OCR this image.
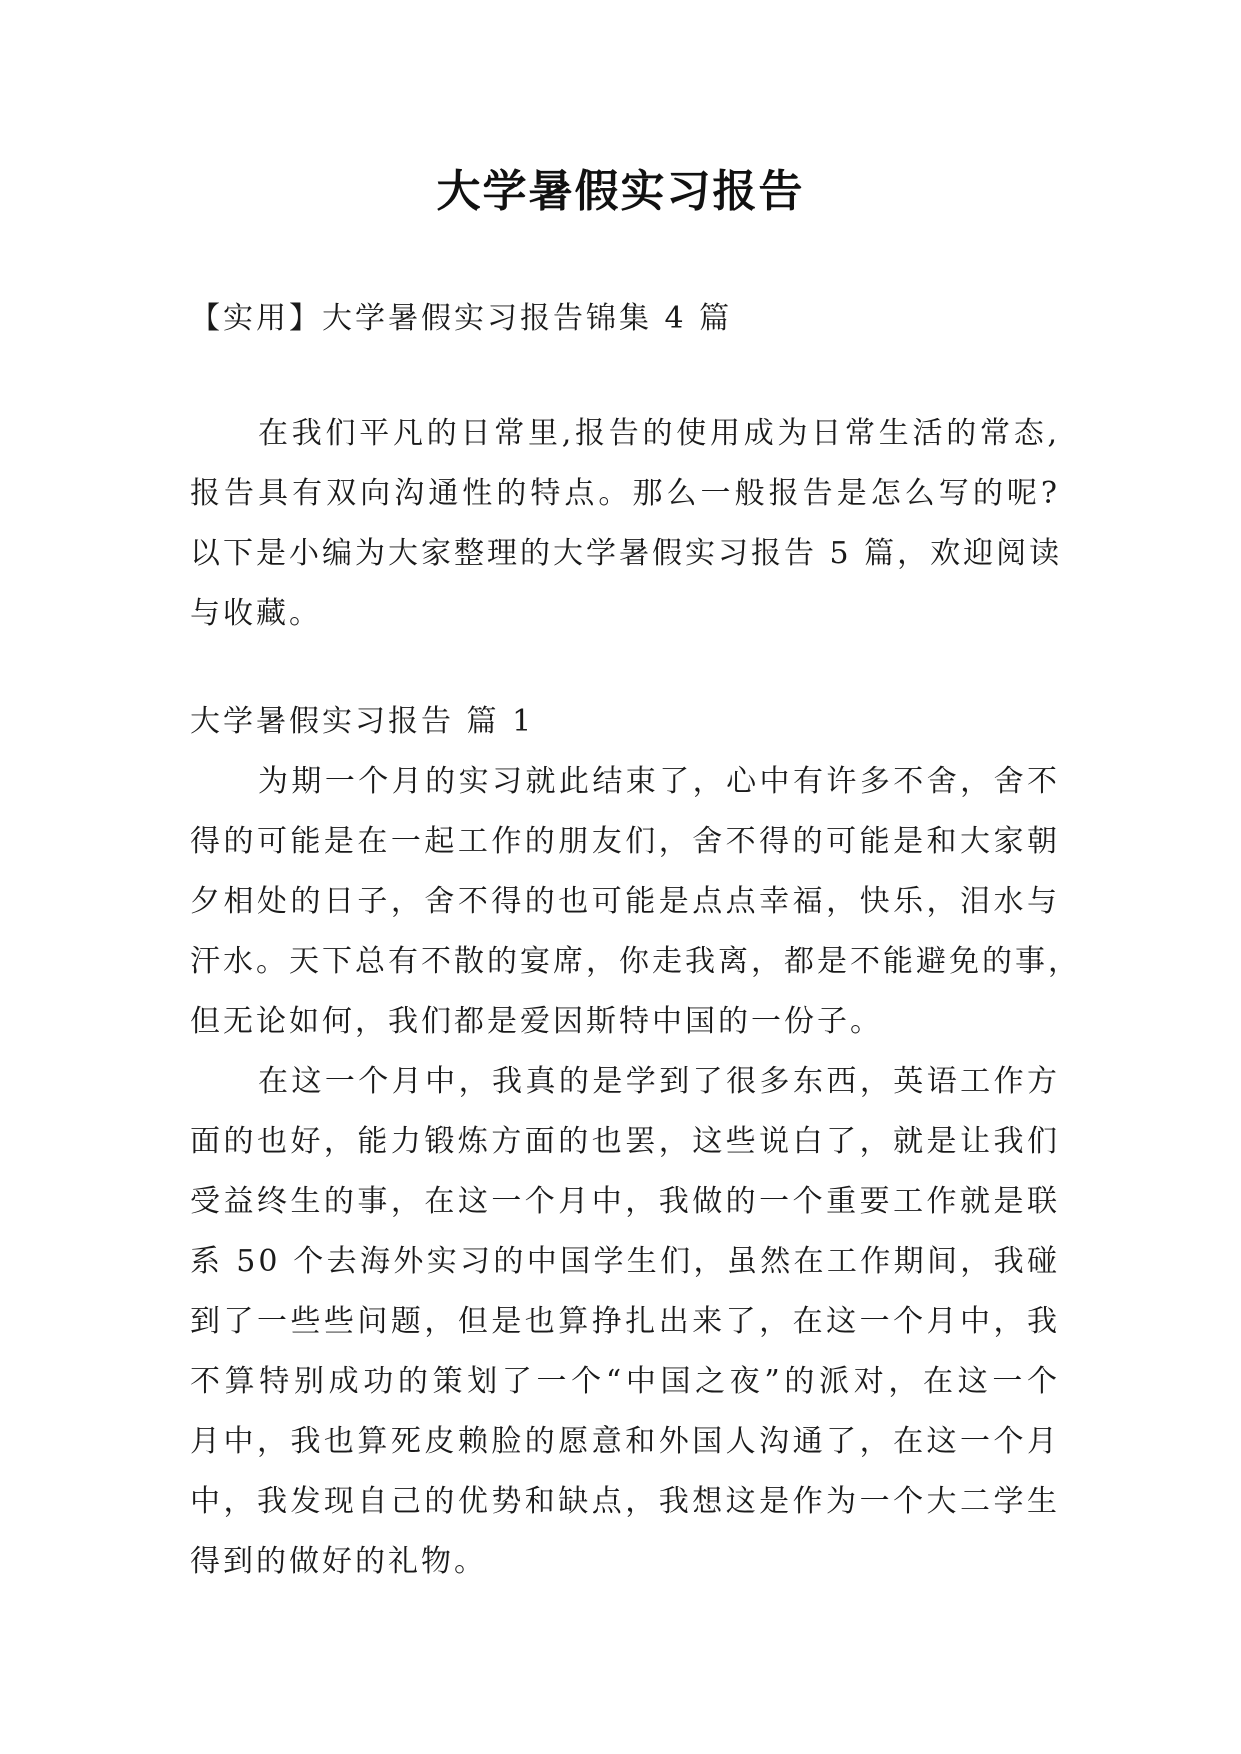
大学暑假实习报告

【实用】大学暑假实习报告锦集 4 篇

在我们平凡的日常里,报告的使用成为日常生活的常态,
报告具有双向沟通性的特点。那么一般报告是怎么写的呢?
以下是小编为大家整理的大学暑假实习报告 5 篇，欢迎阅读
与收藏。

大学暑假实习报告 篇 1

为期一个月的实习就此结束了，心中有许多不舍，舍不
得的可能是在一起工作的朋友们，舍不得的可能是和大家朝
夕相处的日子，舍不得的也可能是点点幸福，快乐，泪水与
汗水。天下总有不散的宴席，你走我离，都是不能避免的事，
但无论如何，我们都是爱因斯特中国的一份子。
在这一个月中，我真的是学到了很多东西，英语工作方
面的也好，能力锻炼方面的也罢，这些说白了，就是让我们
受益终生的事，在这一个月中，我做的一个重要工作就是联
系 50 个去海外实习的中国学生们，虽然在工作期间，我碰
到了一些些问题，但是也算挣扎出来了，在这一个月中，我
不算特别成功的策划了一个“中国之夜”的派对，在这一个
月中，我也算死皮赖脸的愿意和外国人沟通了，在这一个月
中，我发现自己的优势和缺点，我想这是作为一个大二学生
得到的做好的礼物。
